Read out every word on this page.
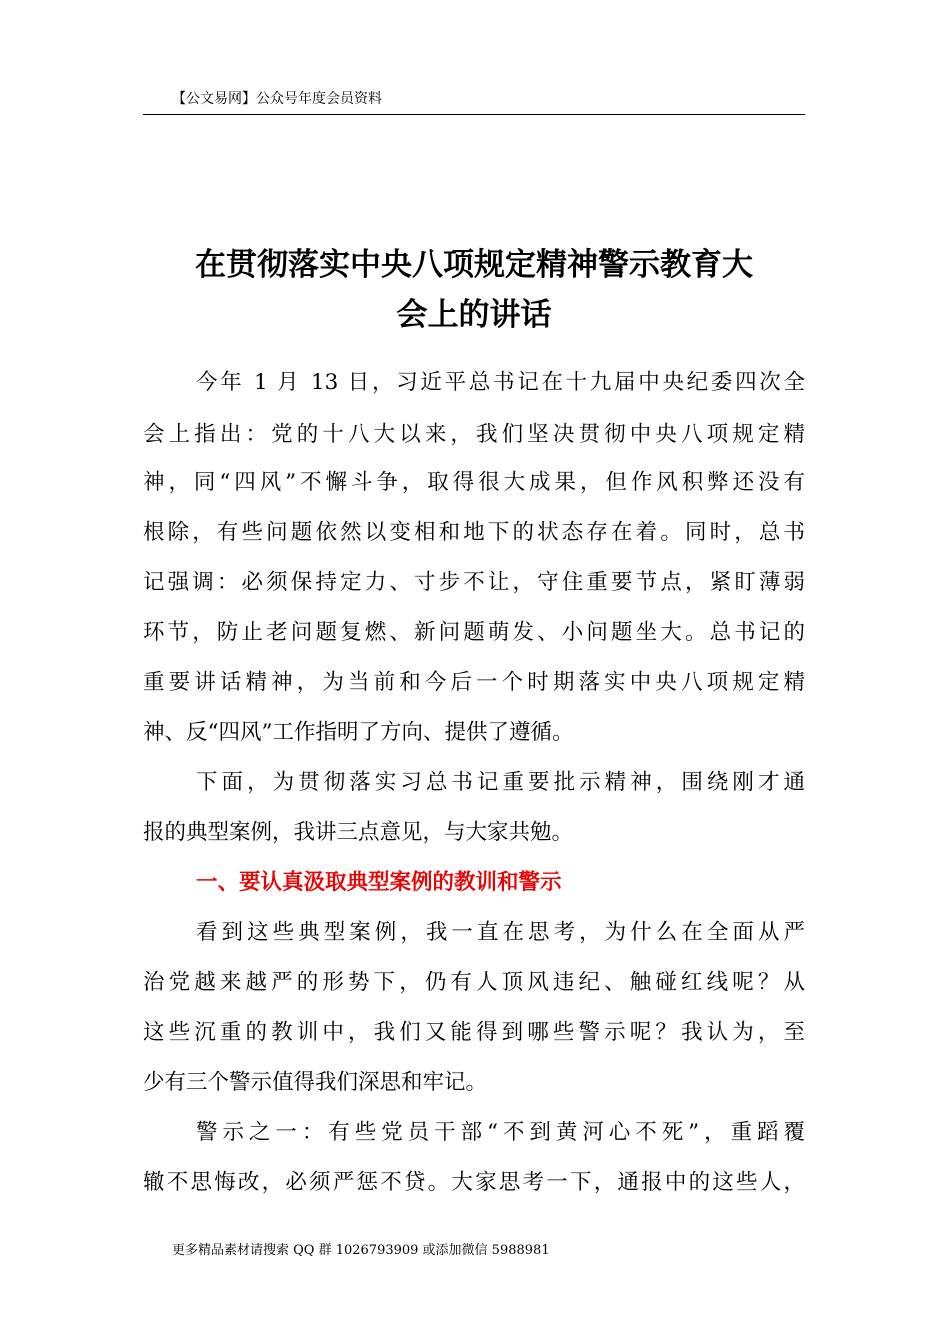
【公文易网】公众号年度会员资料
在贯彻落实中央八项规定精神警示教育大
会上的讲话
今年 1 月 13 日，习近平总书记在十九届中央纪委四次全
会上指出：党的十八大以来，我们坚决贯彻中央八项规定精
神，同“四风”不懈斗争，取得很大成果，但作风积弊还没有
根除，有些问题依然以变相和地下的状态存在着。同时，总书
记强调：必须保持定力、寸步不让，守住重要节点，紧盯薄弱
环节，防止老问题复燃、新问题萌发、小问题坐大。总书记的
重要讲话精神，为当前和今后一个时期落实中央八项规定精
神、反“四风”工作指明了方向、提供了遵循。
下面，为贯彻落实习总书记重要批示精神，围绕刚才通
报的典型案例，我讲三点意见，与大家共勉。
一、要认真汲取典型案例的教训和警示
看到这些典型案例，我一直在思考，为什么在全面从严
治党越来越严的形势下，仍有人顶风违纪、触碰红线呢？从
这些沉重的教训中，我们又能得到哪些警示呢？我认为，至
少有三个警示值得我们深思和牢记。
警示之一：有些党员干部“不到黄河心不死”，重蹈覆
辙不思悔改，必须严惩不贷。大家思考一下，通报中的这些人，
更多精品素材请搜索 QQ 群 1026793909 或添加微信 5988981
